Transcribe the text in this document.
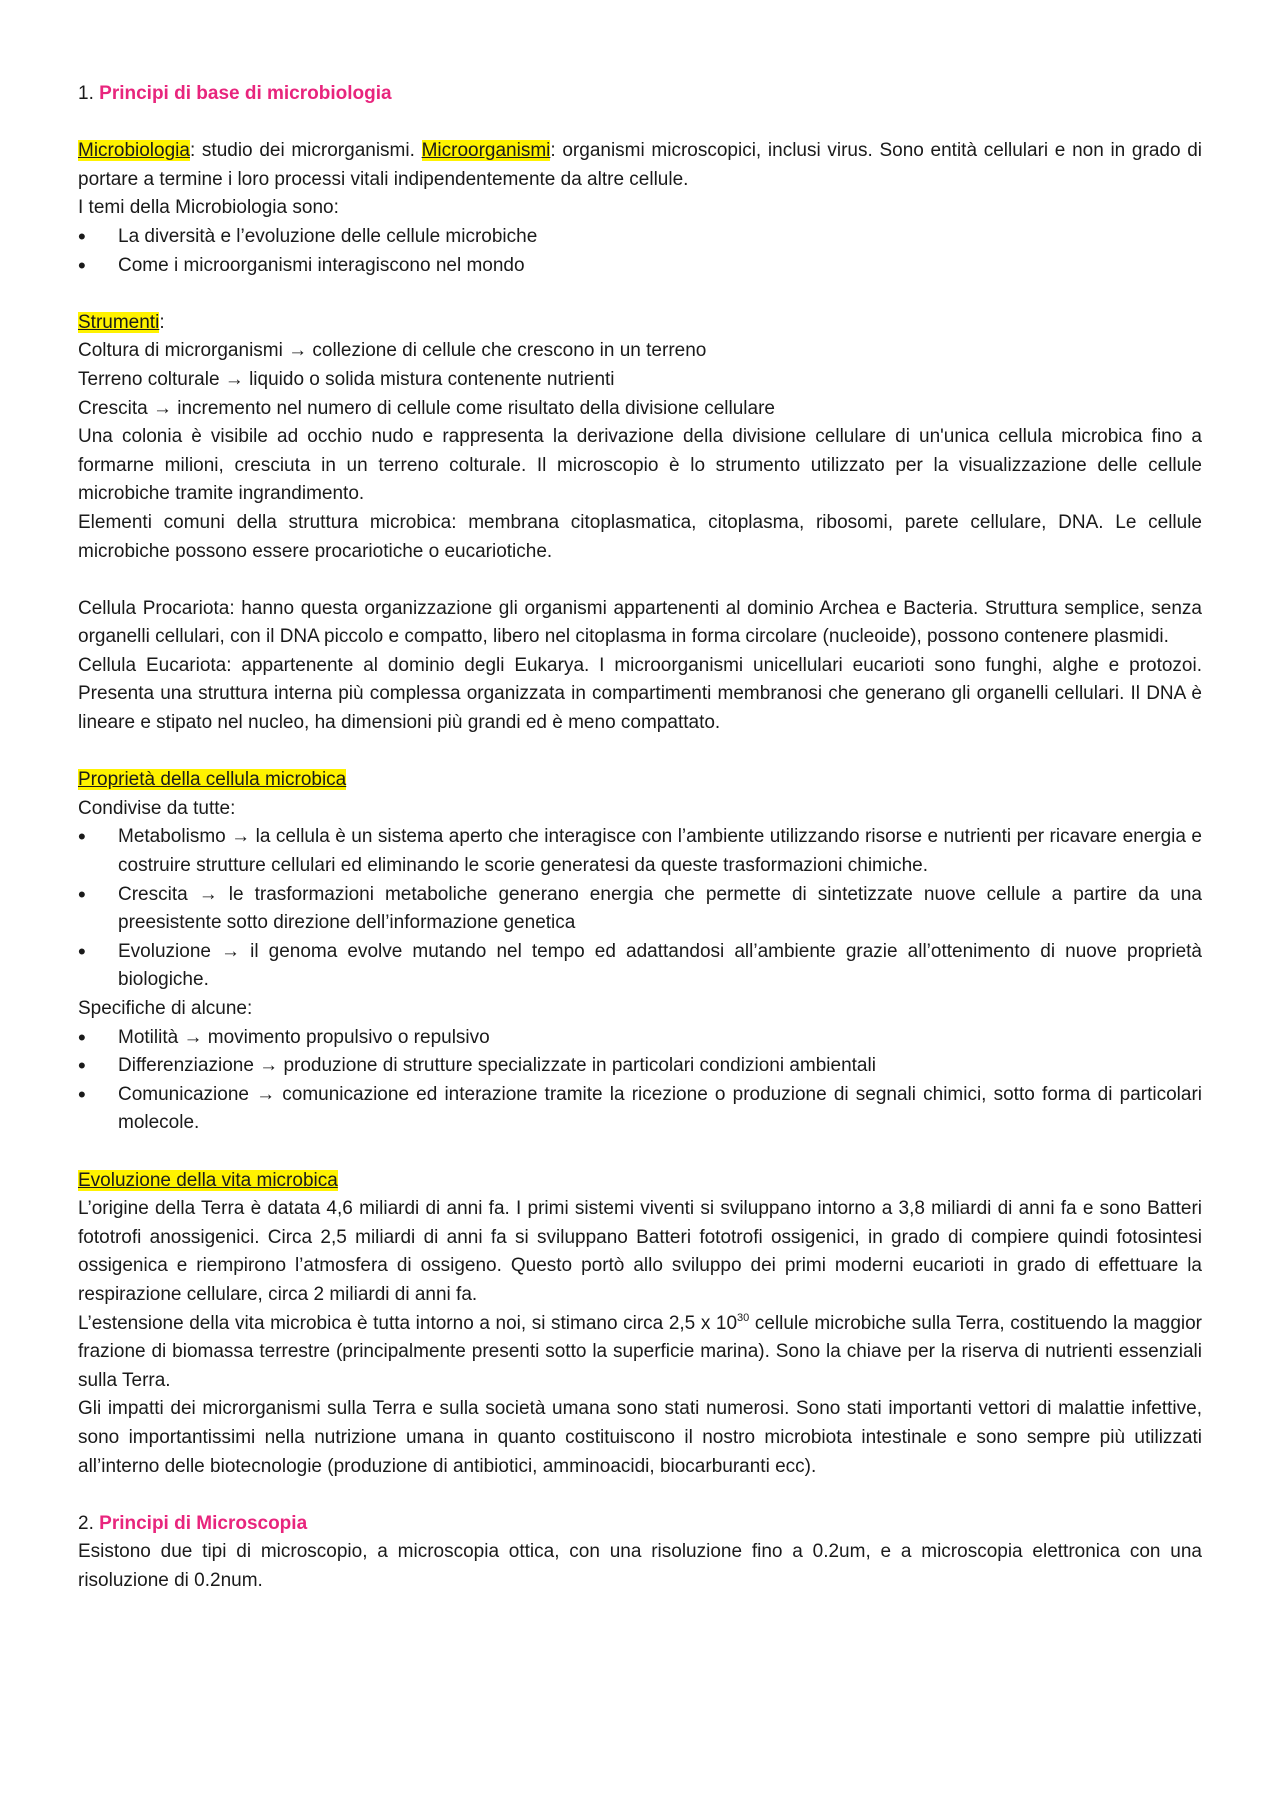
1. Principi di base di microbiologia

Microbiologia: studio dei microrganismi. Microorganismi: organismi microscopici, inclusi virus. Sono entità cellulari e non in grado di portare a termine i loro processi vitali indipendentemente da altre cellule.

I temi della Microbiologia sono:

•
La diversità e l’evoluzione delle cellule microbiche
•
Come i microorganismi interagiscono nel mondo

Strumenti:

Coltura di microrganismi → collezione di cellule che crescono in un terreno

Terreno colturale → liquido o solida mistura contenente nutrienti

Crescita → incremento nel numero di cellule come risultato della divisione cellulare

Una colonia è visibile ad occhio nudo e rappresenta la derivazione della divisione cellulare di un'unica cellula microbica fino a formarne milioni, cresciuta in un terreno colturale. Il microscopio è lo strumento utilizzato per la visualizzazione delle cellule microbiche tramite ingrandimento.

Elementi comuni della struttura microbica: membrana citoplasmatica, citoplasma, ribosomi, parete cellulare, DNA. Le cellule microbiche possono essere procariotiche o eucariotiche.

Cellula Procariota: hanno questa organizzazione gli organismi appartenenti al dominio Archea e Bacteria. Struttura semplice, senza organelli cellulari, con il DNA piccolo e compatto, libero nel citoplasma in forma circolare (nucleoide), possono contenere plasmidi.

Cellula Eucariota: appartenente al dominio degli Eukarya. I microorganismi unicellulari eucarioti sono funghi, alghe e protozoi. Presenta una struttura interna più complessa organizzata in compartimenti membranosi che generano gli organelli cellulari. Il DNA è lineare e stipato nel nucleo, ha dimensioni più grandi ed è meno compattato.

Proprietà della cellula microbica

Condivise da tutte:

•
Metabolismo → la cellula è un sistema aperto che interagisce con l’ambiente utilizzando risorse e nutrienti per ricavare energia e costruire strutture cellulari ed eliminando le scorie generatesi da queste trasformazioni chimiche.
•
Crescita → le trasformazioni metaboliche generano energia che permette di sintetizzate nuove cellule a partire da una preesistente sotto direzione dell’informazione genetica
•
Evoluzione → il genoma evolve mutando nel tempo ed adattandosi all’ambiente grazie all’ottenimento di nuove proprietà biologiche.

Specifiche di alcune:

•
Motilità → movimento propulsivo o repulsivo
•
Differenziazione → produzione di strutture specializzate in particolari condizioni ambientali
•
Comunicazione → comunicazione ed interazione tramite la ricezione o produzione di segnali chimici, sotto forma di particolari molecole.

Evoluzione della vita microbica

L’origine della Terra è datata 4,6 miliardi di anni fa. I primi sistemi viventi si sviluppano intorno a 3,8 miliardi di anni fa e sono Batteri fototrofi anossigenici. Circa 2,5 miliardi di anni fa si sviluppano Batteri fototrofi ossigenici, in grado di compiere quindi fotosintesi ossigenica e riempirono l’atmosfera di ossigeno. Questo portò allo sviluppo dei primi moderni eucarioti in grado di effettuare la respirazione cellulare, circa 2 miliardi di anni fa.

L’estensione della vita microbica è tutta intorno a noi, si stimano circa 2,5 x $10^{30}$ cellule microbiche sulla Terra, costituendo la maggior frazione di biomassa terrestre (principalmente presenti sotto la superficie marina). Sono la chiave per la riserva di nutrienti essenziali sulla Terra.

Gli impatti dei microrganismi sulla Terra e sulla società umana sono stati numerosi. Sono stati importanti vettori di malattie infettive, sono importantissimi nella nutrizione umana in quanto costituiscono il nostro microbiota intestinale e sono sempre più utilizzati all’interno delle biotecnologie (produzione di antibiotici, amminoacidi, biocarburanti ecc).

2. Principi di Microscopia

Esistono due tipi di microscopio, a microscopia ottica, con una risoluzione fino a 0.2um, e a microscopia elettronica con una risoluzione di 0.2num.
